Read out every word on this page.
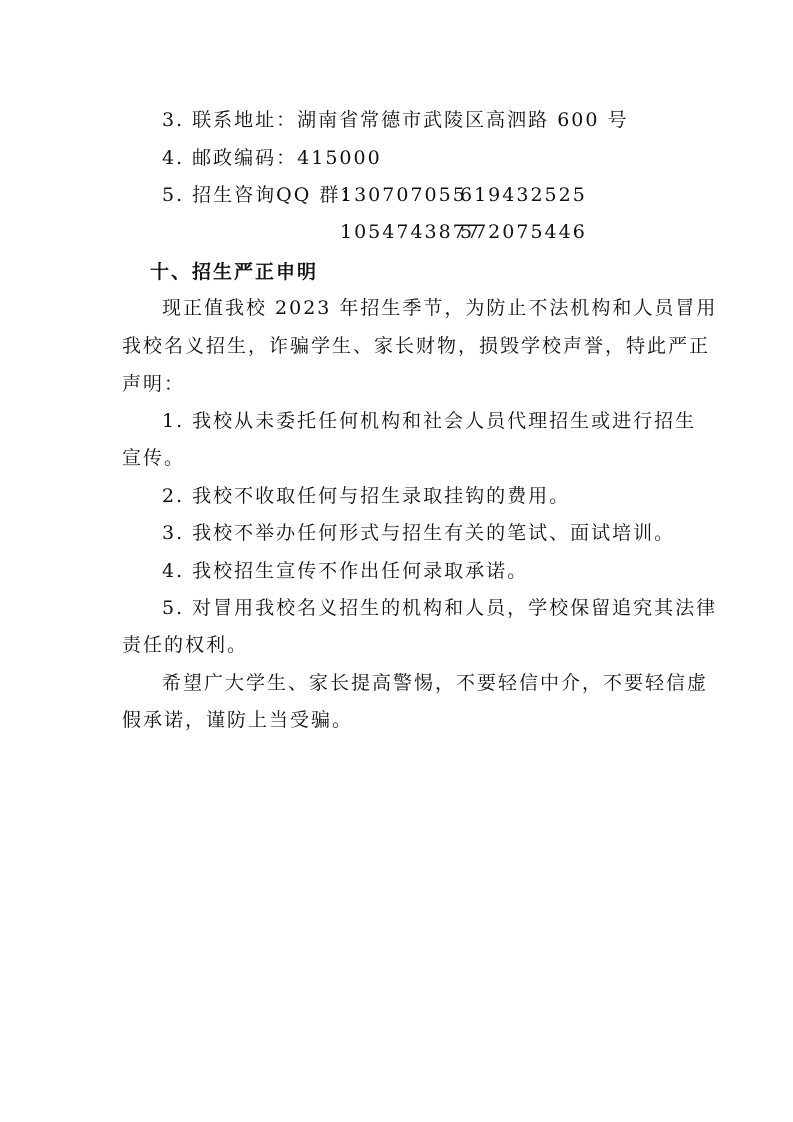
3. 联系地址：湖南省常德市武陵区高泗路 600 号
4. 邮政编码：415000
5. 招生咨询QQ 群：
130707055
619432525
1054743877
572075446
十、招生严正申明
现正值我校 2023 年招生季节，为防止不法机构和人员冒用
我校名义招生，诈骗学生、家长财物，损毁学校声誉，特此严正
声明：
1. 我校从未委托任何机构和社会人员代理招生或进行招生
宣传。
2. 我校不收取任何与招生录取挂钩的费用。
3. 我校不举办任何形式与招生有关的笔试、面试培训。
4. 我校招生宣传不作出任何录取承诺。
5. 对冒用我校名义招生的机构和人员，学校保留追究其法律
责任的权利。
希望广大学生、家长提高警惕，不要轻信中介，不要轻信虚
假承诺，谨防上当受骗。
